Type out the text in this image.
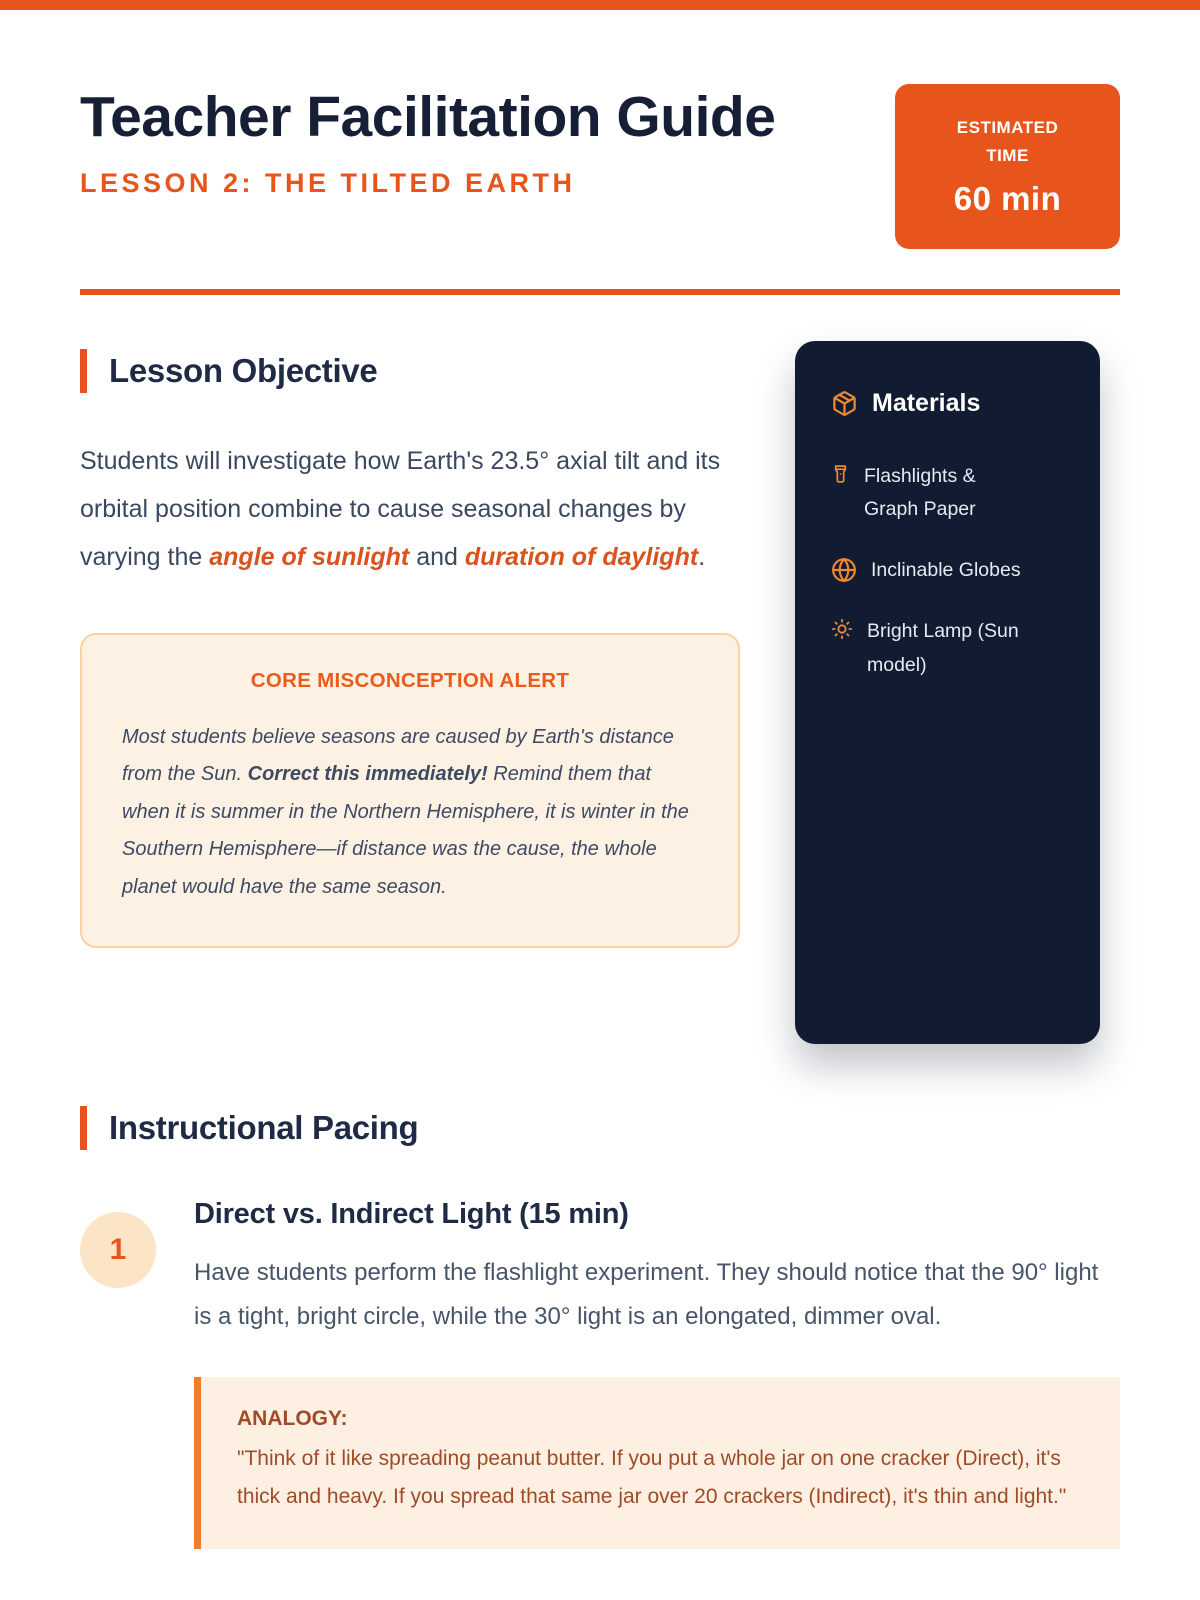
Teacher Facilitation Guide
LESSON 2: THE TILTED EARTH
ESTIMATED TIME
60 min
Lesson Objective

Students will investigate how Earth's 23.5° axial tilt and its orbital position combine to cause seasonal changes by varying the angle of sunlight and duration of daylight.

CORE MISCONCEPTION ALERT

Most students believe seasons are caused by Earth's distance from the Sun. Correct this immediately! Remind them that when it is summer in the Northern Hemisphere, it is winter in the Southern Hemisphere—if distance was the cause, the whole planet would have the same season.

Materials
Flashlights & Graph Paper
Inclinable Globes
Bright Lamp (Sun model)
Instructional Pacing
1
Direct vs. Indirect Light (15 min)

Have students perform the flashlight experiment. They should notice that the 90° light is a tight, bright circle, while the 30° light is an elongated, dimmer oval.

ANALOGY:

"Think of it like spreading peanut butter. If you put a whole jar on one cracker (Direct), it's thick and heavy. If you spread that same jar over 20 crackers (Indirect), it's thin and light."
